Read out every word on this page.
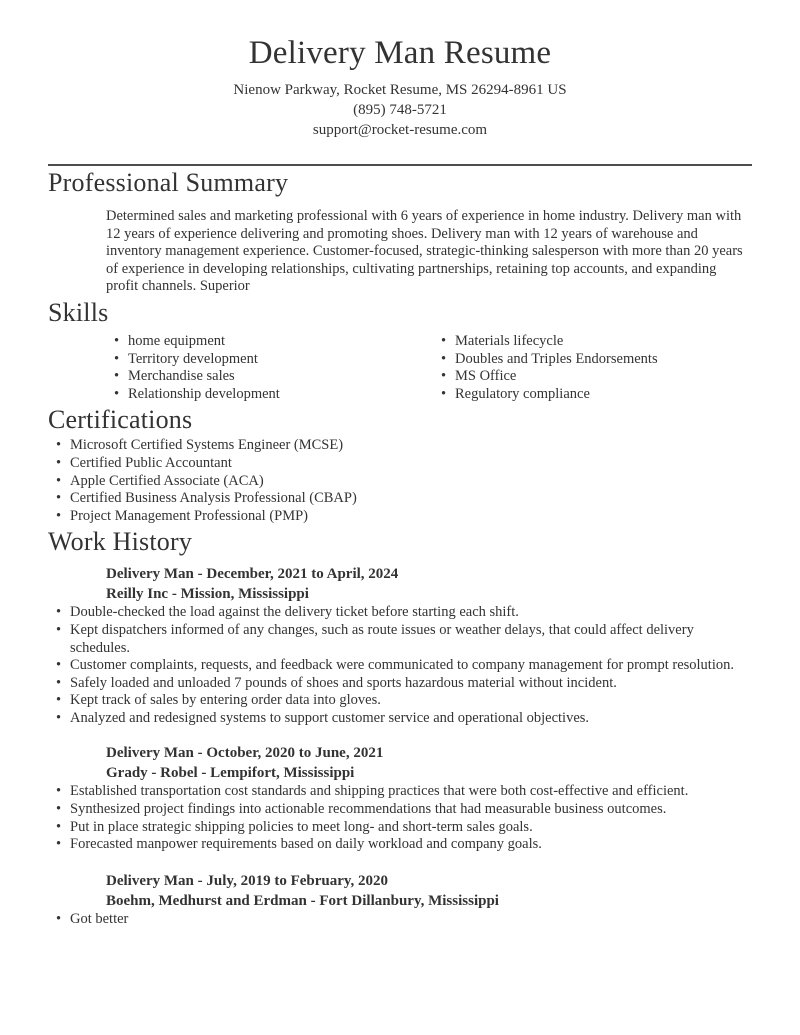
Delivery Man Resume
Nienow Parkway, Rocket Resume, MS 26294-8961 US
(895) 748-5721
support@rocket-resume.com
Professional Summary

Determined sales and marketing professional with 6 years of experience in home industry. Delivery man with 12 years of experience delivering and promoting shoes. Delivery man with 12 years of warehouse and inventory management experience. Customer-focused, strategic-thinking salesperson with more than 20 years of experience in developing relationships, cultivating partnerships, retaining top accounts, and expanding profit channels. Superior

Skills
• home equipment
• Territory development
• Merchandise sales
• Relationship development
• Materials lifecycle
• Doubles and Triples Endorsements
• MS Office
• Regulatory compliance
Certifications
• Microsoft Certified Systems Engineer (MCSE)
• Certified Public Accountant
• Apple Certified Associate (ACA)
• Certified Business Analysis Professional (CBAP)
• Project Management Professional (PMP)
Work History
Delivery Man - December, 2021 to April, 2024
Reilly Inc - Mission, Mississippi
• Double-checked the load against the delivery ticket before starting each shift.
• Kept dispatchers informed of any changes, such as route issues or weather delays, that could affect delivery schedules.
• Customer complaints, requests, and feedback were communicated to company management for prompt resolution.
• Safely loaded and unloaded 7 pounds of shoes and sports hazardous material without incident.
• Kept track of sales by entering order data into gloves.
• Analyzed and redesigned systems to support customer service and operational objectives.
Delivery Man - October, 2020 to June, 2021
Grady - Robel - Lempifort, Mississippi
• Established transportation cost standards and shipping practices that were both cost-effective and efficient.
• Synthesized project findings into actionable recommendations that had measurable business outcomes.
• Put in place strategic shipping policies to meet long- and short-term sales goals.
• Forecasted manpower requirements based on daily workload and company goals.
Delivery Man - July, 2019 to February, 2020
Boehm, Medhurst and Erdman - Fort Dillanbury, Mississippi
• Got better
